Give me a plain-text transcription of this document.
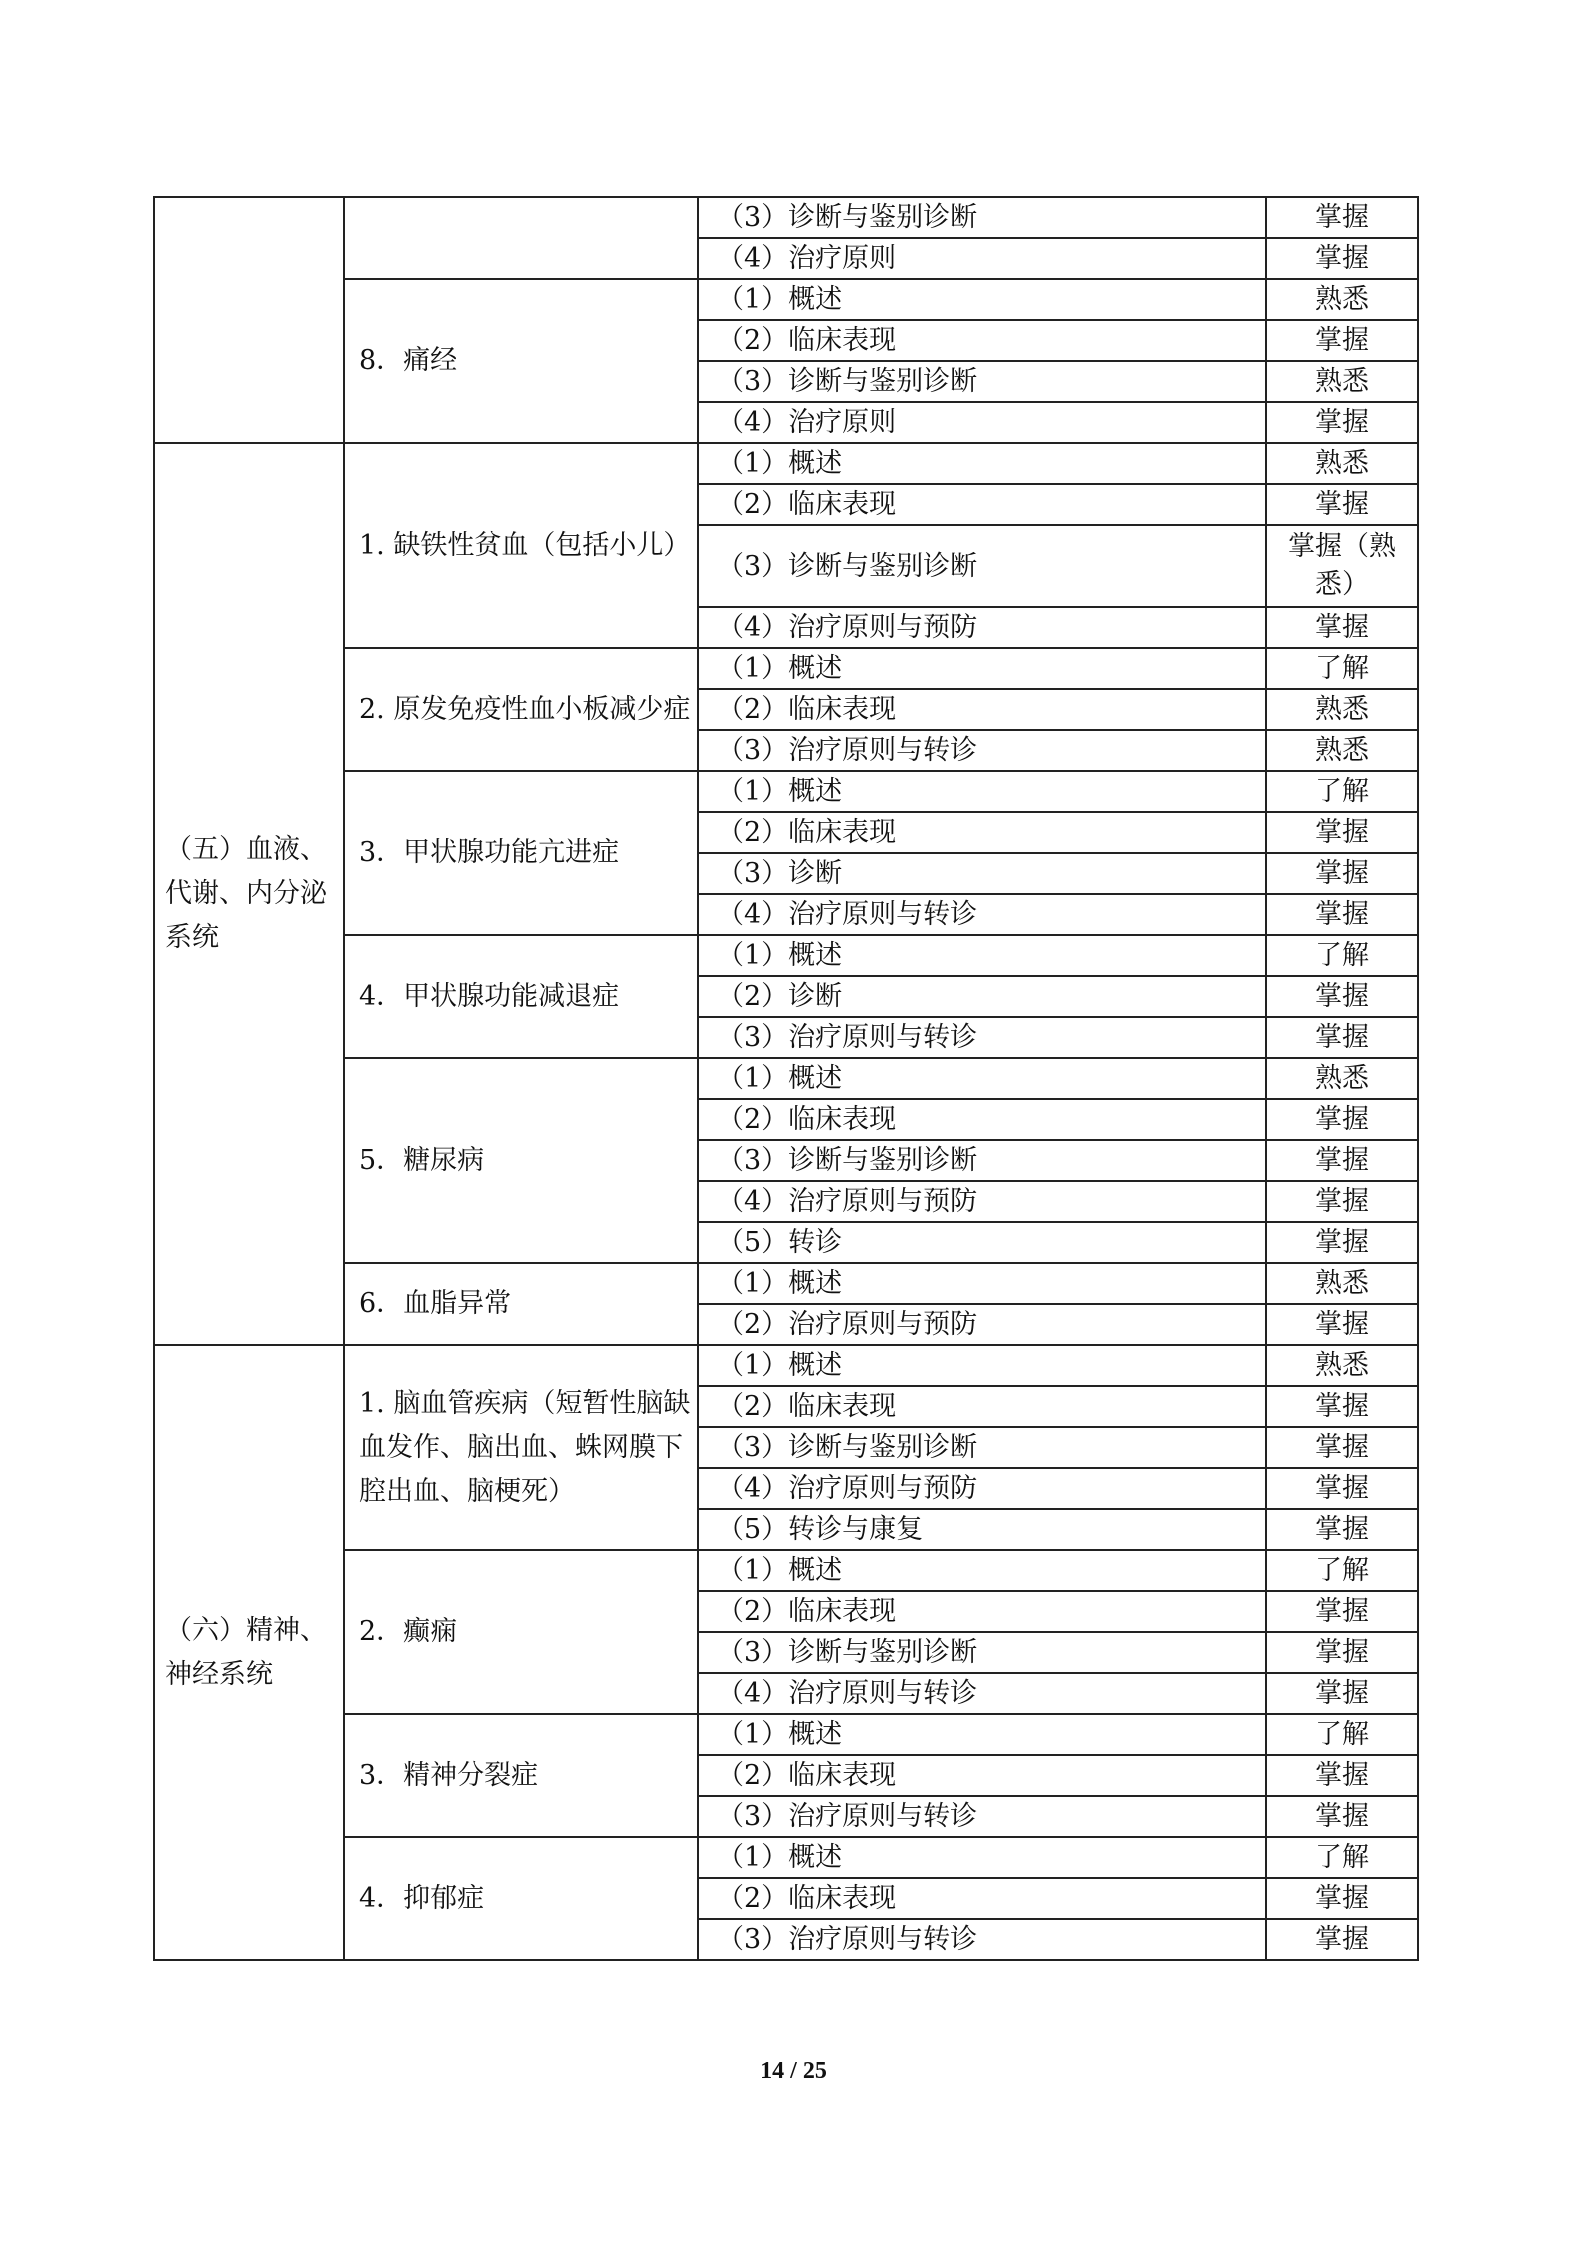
		（3）诊断与鉴别诊断	掌握
		（4）治疗原则	掌握
	8．痛经	（1）概述	熟悉
		（2）临床表现	掌握
		（3）诊断与鉴别诊断	熟悉
		（4）治疗原则	掌握
（五）血液、代谢、内分泌系统	1. 缺铁性贫血（包括小儿）	（1）概述	熟悉
		（2）临床表现	掌握
		（3）诊断与鉴别诊断	掌握（熟悉）
		（4）治疗原则与预防	掌握
	2. 原发免疫性血小板减少症	（1）概述	了解
		（2）临床表现	熟悉
		（3）治疗原则与转诊	熟悉
	3．甲状腺功能亢进症	（1）概述	了解
		（2）临床表现	掌握
		（3）诊断	掌握
		（4）治疗原则与转诊	掌握
	4．甲状腺功能减退症	（1）概述	了解
		（2）诊断	掌握
		（3）治疗原则与转诊	掌握
	5．糖尿病	（1）概述	熟悉
		（2）临床表现	掌握
		（3）诊断与鉴别诊断	掌握
		（4）治疗原则与预防	掌握
		（5）转诊	掌握
	6．血脂异常	（1）概述	熟悉
		（2）治疗原则与预防	掌握
（六）精神、神经系统	1. 脑血管疾病（短暂性脑缺血发作、脑出血、蛛网膜下腔出血、脑梗死）	（1）概述	熟悉
		（2）临床表现	掌握
		（3）诊断与鉴别诊断	掌握
		（4）治疗原则与预防	掌握
		（5）转诊与康复	掌握
	2．癫痫	（1）概述	了解
		（2）临床表现	掌握
		（3）诊断与鉴别诊断	掌握
		（4）治疗原则与转诊	掌握
	3．精神分裂症	（1）概述	了解
		（2）临床表现	掌握
		（3）治疗原则与转诊	掌握
	4．抑郁症	（1）概述	了解
		（2）临床表现	掌握
		（3）治疗原则与转诊	掌握
14 / 25
